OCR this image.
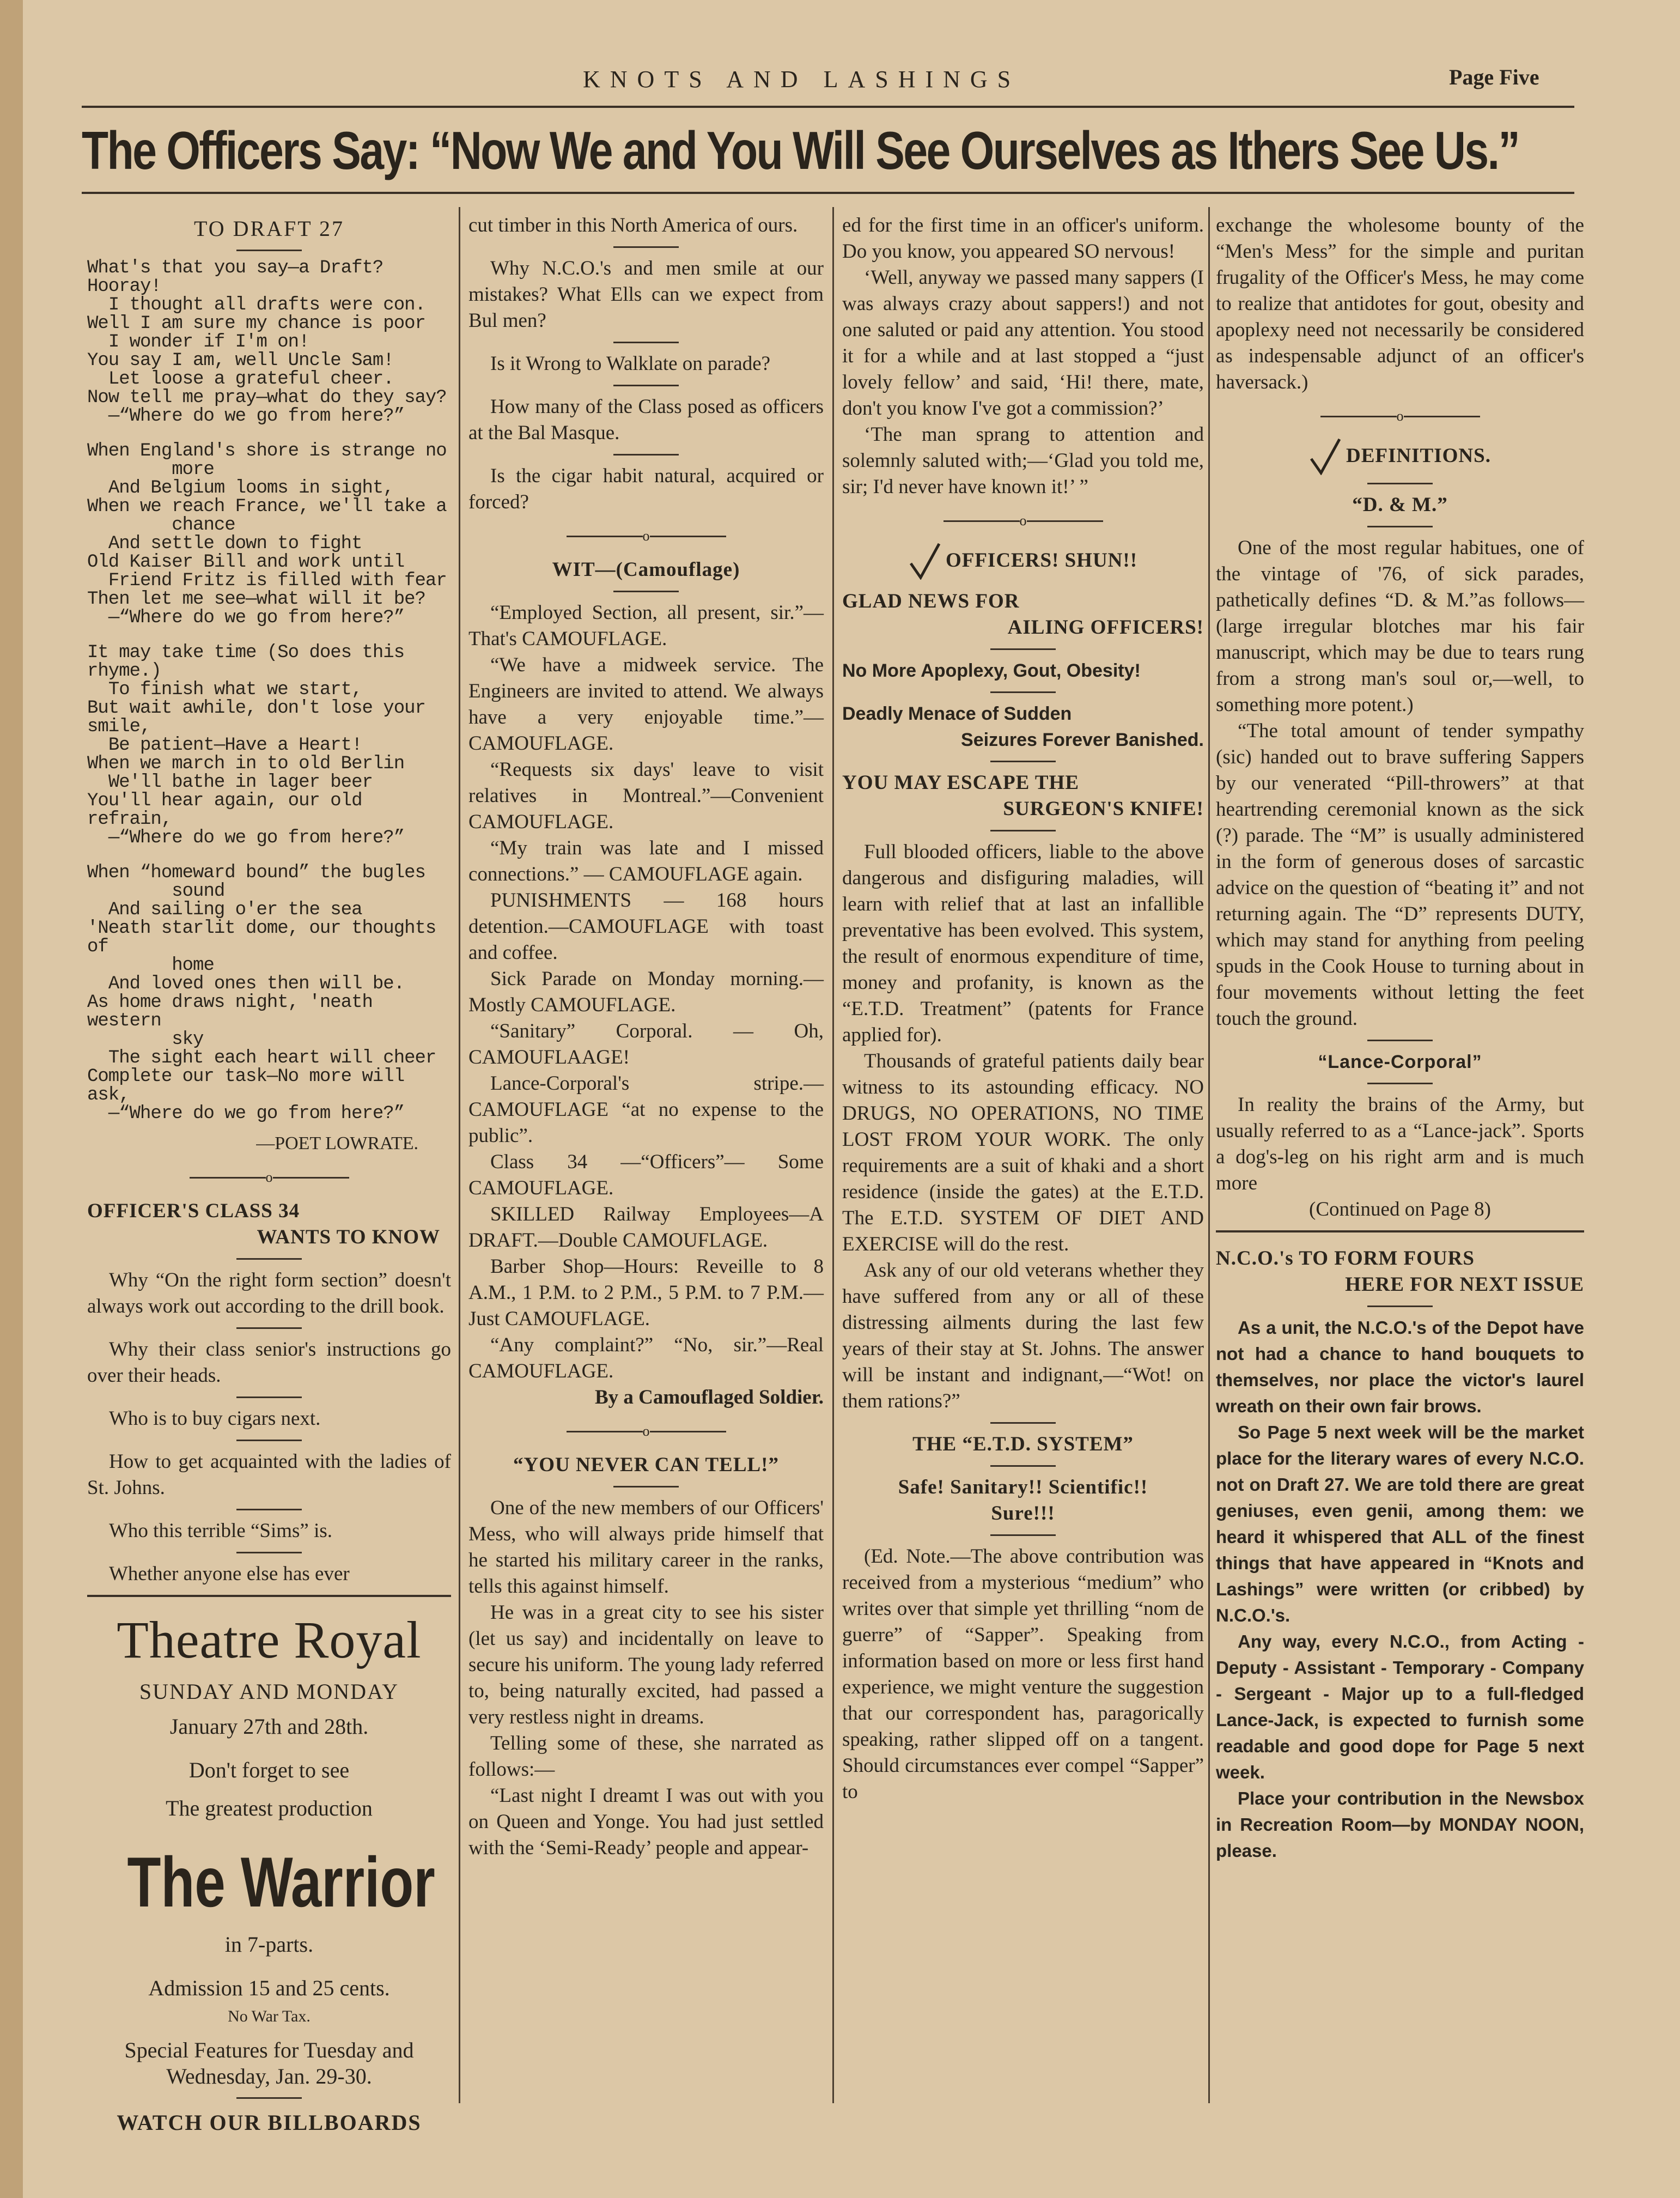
KNOTS AND LASHINGS	Page Five
The Officers Say: “Now We and You Will See Ourselves as Ithers See Us.”
TO DRAFT 27
What's that you say—a Draft? Hooray!
I thought all drafts were con.
Well I am sure my chance is poor
I wonder if I'm on!
You say I am, well Uncle Sam!
Let loose a grateful cheer.
Now tell me pray—what do they say?
—“Where do we go from here?”
When England's shore is strange no
more
And Belgium looms in sight,
When we reach France, we'll take a
chance
And settle down to fight
Old Kaiser Bill and work until
Friend Fritz is filled with fear
Then let me see—what will it be?
—“Where do we go from here?”
It may take time (So does this rhyme.)
To finish what we start,
But wait awhile, don't lose your smile,
Be patient—Have a Heart!
When we march in to old Berlin
We'll bathe in lager beer
You'll hear again, our old refrain,
—“Where do we go from here?”
When “homeward bound” the bugles
sound
And sailing o'er the sea
'Neath starlit dome, our thoughts of
home
And loved ones then will be.
As home draws night, 'neath western
sky
The sight each heart will cheer
Complete our task—No more will ask,
—“Where do we go from here?”
—POET LOWRATE.
o
OFFICER'S CLASS 34
WANTS TO KNOW

Why “On the right form section” doesn't always work out according to the drill book.

Why their class senior's instructions go over their heads.

Who is to buy cigars next.

How to get acquainted with the ladies of St. Johns.

Who this terrible “Sims” is.

Whether anyone else has ever

Theatre Royal
SUNDAY AND MONDAY
January 27th and 28th.
Don't forget to see
The greatest production
The Warrior
in 7-parts.
Admission 15 and 25 cents.
No War Tax.
Special Features for Tuesday and Wednesday, Jan. 29-30.
WATCH OUR BILLBOARDS

cut timber in this North America of ours.

Why N.C.O.'s and men smile at our mistakes? What Ells can we expect from Bul men?

Is it Wrong to Walklate on parade?

How many of the Class posed as officers at the Bal Masque.

Is the cigar habit natural, acquired or forced?

o
WIT—(Camouflage)

“Employed Section, all present, sir.”—That's CAMOUFLAGE.

“We have a midweek service. The Engineers are invited to attend. We always have a very enjoyable time.”—CAMOUFLAGE.

“Requests six days' leave to visit relatives in Montreal.”—Convenient CAMOUFLAGE.

“My train was late and I missed connections.” — CAMOUFLAGE again.

PUNISHMENTS — 168 hours detention.—CAMOUFLAGE with toast and coffee.

Sick Parade on Monday morning.—Mostly CAMOUFLAGE.

“Sanitary” Corporal. — Oh, CAMOUFLAAGE!

Lance-Corporal's stripe.—CAMOUFLAGE “at no expense to the public”.

Class 34 —“Officers”— Some CAMOUFLAGE.

SKILLED Railway Employees—A DRAFT.—Double CAMOUFLAGE.

Barber Shop—Hours: Reveille to 8 A.M., 1 P.M. to 2 P.M., 5 P.M. to 7 P.M.—Just CAMOUFLAGE.

“Any complaint?” “No, sir.”—Real CAMOUFLAGE.

By a Camouflaged Soldier.
o
“YOU NEVER CAN TELL!”

One of the new members of our Officers' Mess, who will always pride himself that he started his military career in the ranks, tells this against himself.

He was in a great city to see his sister (let us say) and incidentally on leave to secure his uniform. The young lady referred to, being naturally excited, had passed a very restless night in dreams.

Telling some of these, she narrated as follows:—

“Last night I dreamt I was out with you on Queen and Yonge. You had just settled with the ‘Semi-Ready’ people and appear-

ed for the first time in an officer's uniform. Do you know, you appeared SO nervous!

‘Well, anyway we passed many sappers (I was always crazy about sappers!) and not one saluted or paid any attention. You stood it for a while and at last stopped a “just lovely fellow’ and said, ‘Hi! there, mate, don't you know I've got a commission?’

‘The man sprang to attention and solemnly saluted with;—‘Glad you told me, sir; I'd never have known it!’ ”

o
OFFICERS! SHUN!!
GLAD NEWS FOR
AILING OFFICERS!
No More Apoplexy, Gout, Obesity!
Deadly Menace of Sudden
Seizures Forever Banished.
YOU MAY ESCAPE THE
SURGEON'S KNIFE!

Full blooded officers, liable to the above dangerous and disfiguring maladies, will learn with relief that at last an infallible preventative has been evolved. This system, the result of enormous expenditure of time, money and profanity, is known as the “E.T.D. Treatment” (patents for France applied for).

Thousands of grateful patients daily bear witness to its astounding efficacy. NO DRUGS, NO OPERATIONS, NO TIME LOST FROM YOUR WORK. The only requirements are a suit of khaki and a short residence (inside the gates) at the E.T.D. The E.T.D. SYSTEM OF DIET AND EXERCISE will do the rest.

Ask any of our old veterans whether they have suffered from any or all of these distressing ailments during the last few years of their stay at St. Johns. The answer will be instant and indignant,—“Wot! on them rations?”

THE “E.T.D. SYSTEM”
Safe! Sanitary!! Scientific!! Sure!!!

(Ed. Note.—The above contribution was received from a mysterious “medium” who writes over that simple yet thrilling “nom de guerre” of “Sapper”. Speaking from information based on more or less first hand experience, we might venture the suggestion that our correspondent has, paragorically speaking, rather slipped off on a tangent. Should circumstances ever compel “Sapper” to

exchange the wholesome bounty of the “Men's Mess” for the simple and puritan frugality of the Officer's Mess, he may come to realize that antidotes for gout, obesity and apoplexy need not necessarily be considered as indespensable adjunct of an officer's haversack.)

o
DEFINITIONS.
“D. & M.”

One of the most regular habitues, one of the vintage of '76, of sick parades, pathetically defines “D. & M.”as follows—(large irregular blotches mar his fair manuscript, which may be due to tears rung from a strong man's soul or,—well, to something more potent.)

“The total amount of tender sympathy (sic) handed out to brave suffering Sappers by our venerated “Pill-throwers” at that heartrending ceremonial known as the sick (?) parade. The “M” is usually administered in the form of generous doses of sarcastic advice on the question of “beating it” and not returning again. The “D” represents DUTY, which may stand for anything from peeling spuds in the Cook House to turning about in four movements without letting the feet touch the ground.

“Lance-Corporal”

In reality the brains of the Army, but usually referred to as a “Lance-jack”. Sports a dog's-leg on his right arm and is much more

(Continued on Page 8)
N.C.O.'s TO FORM FOURS
HERE FOR NEXT ISSUE

As a unit, the N.C.O.'s of the Depot have not had a chance to hand bouquets to themselves, nor place the victor's laurel wreath on their own fair brows.

So Page 5 next week will be the market place for the literary wares of every N.C.O. not on Draft 27. We are told there are great geniuses, even genii, among them: we heard it whispered that ALL of the finest things that have appeared in “Knots and Lashings” were written (or cribbed) by N.C.O.'s.

Any way, every N.C.O., from Acting - Deputy - Assistant - Temporary - Company - Sergeant - Major up to a full-fledged Lance-Jack, is expected to furnish some readable and good dope for Page 5 next week.

Place your contribution in the Newsbox in Recreation Room—by MONDAY NOON, please.
